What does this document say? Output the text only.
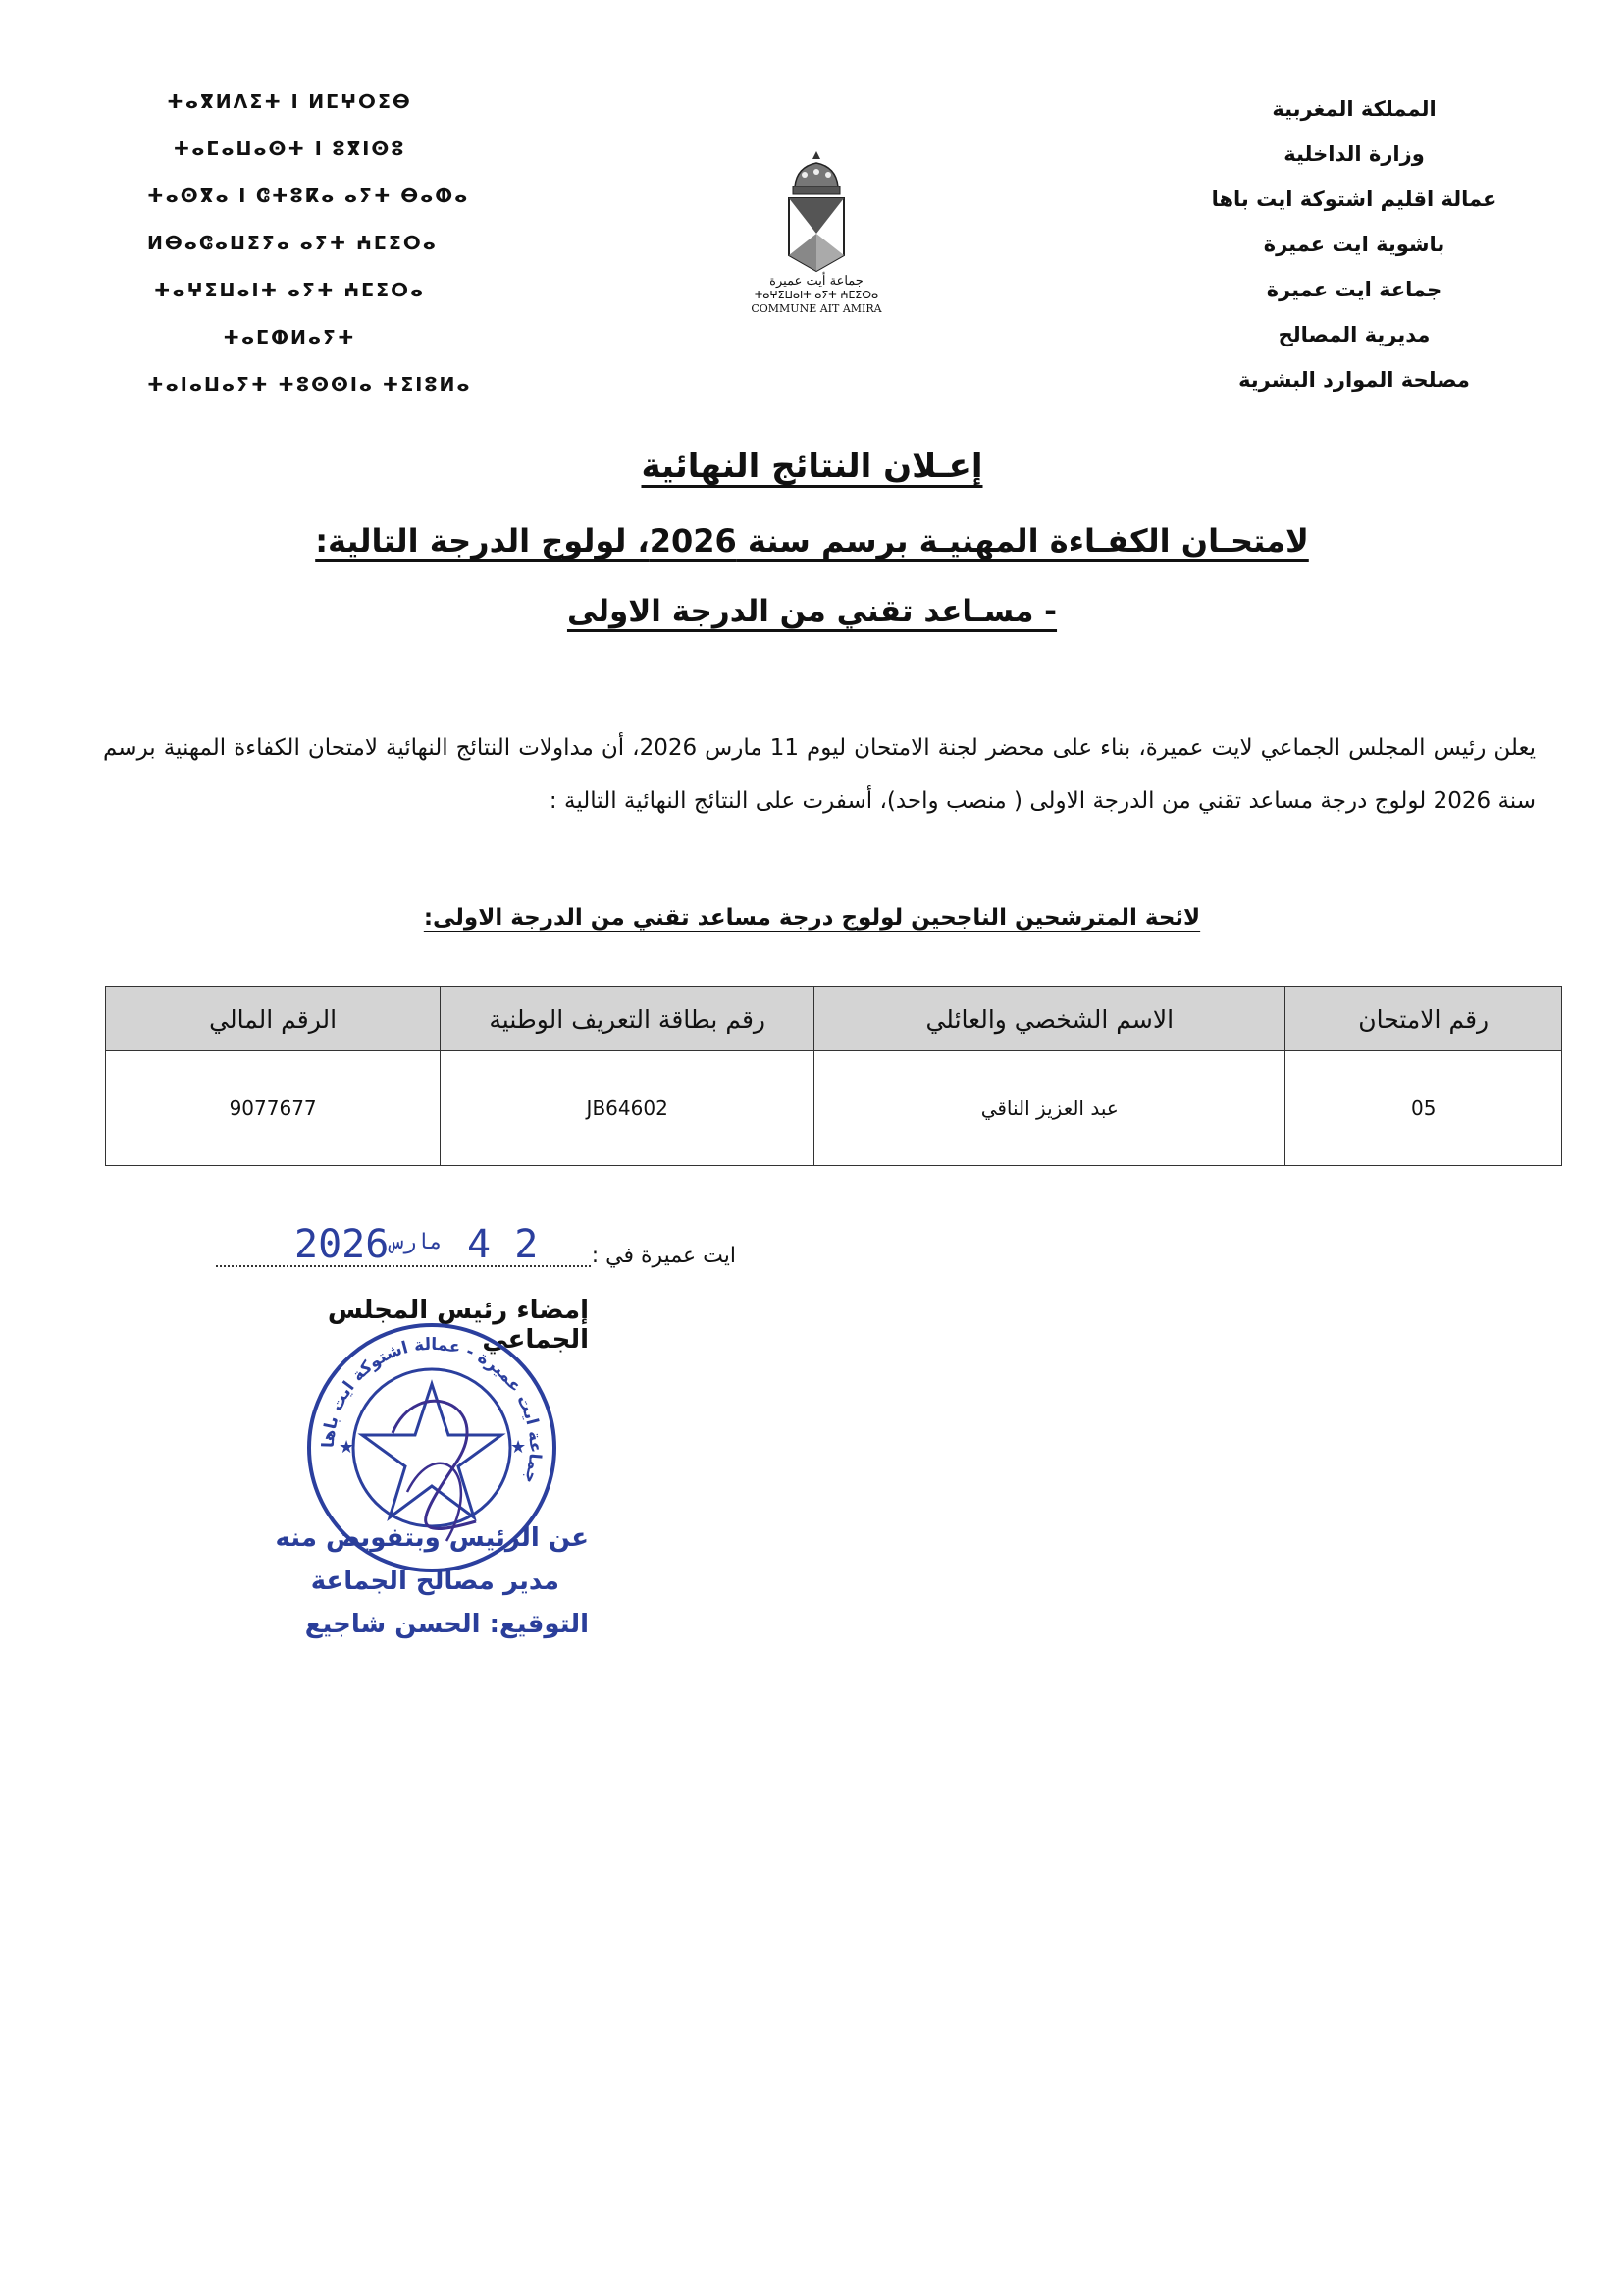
المملكة المغربية

وزارة الداخلية

عمالة اقليم اشتوكة ايت باها

باشوية ايت عميرة

جماعة ايت عميرة

مديرية المصالح

مصلحة الموارد البشرية

ⵜⴰⴳⵍⴷⵉⵜ ⵏ ⵍⵎⵖⵔⵉⴱ

ⵜⴰⵎⴰⵡⴰⵙⵜ ⵏ ⵓⴳⵏⵙⵓ

ⵜⴰⵙⴳⴰ ⵏ ⵛⵜⵓⴽⴰ ⴰⵢⵜ ⴱⴰⵀⴰ

ⵍⴱⴰⵛⴰⵡⵉⵢⴰ ⴰⵢⵜ ⵄⵎⵉⵔⴰ

ⵜⴰⵖⵉⵡⴰⵏⵜ ⴰⵢⵜ ⵄⵎⵉⵔⴰ

ⵜⴰⵎⵀⵍⴰⵢⵜ

ⵜⴰⵏⴰⵡⴰⵢⵜ ⵜⵓⵙⵙⵏⴰ ⵜⵉⵏⵓⵍⴰ

جماعة أيت عميرة

ⵜⴰⵖⵉⵡⴰⵏⵜ ⴰⵢⵜ ⵄⵎⵉⵔⴰ

COMMUNE AIT AMIRA

إعـلان النتائج النهائية
لامتحـان الكفـاءة المهنيـة برسم سنة 2026، لولوج الدرجة التالية:
- مسـاعد تقني من الدرجة الاولى

يعلن رئيس المجلس الجماعي لايت عميرة، بناء على محضر لجنة الامتحان ليوم 11 مارس 2026، أن مداولات النتائج النهائية لامتحان الكفاءة المهنية برسم سنة 2026 لولوج درجة مساعد تقني من الدرجة الاولى ( منصب واحد)، أسفرت على النتائج النهائية التالية :

لائحة المترشحين الناجحين لولوج درجة مساعد تقني من الدرجة الاولى:
رقم الامتحان	الاسم الشخصي والعائلي	رقم بطاقة التعريف الوطنية	الرقم المالي
05	عبد العزيز الناقي	JB64602	9077677
ايت عميرة في :
2 4
مارس
2026
إمضاء رئيس المجلس الجماعي
جماعة ايت عميرة - عمالة اشتوكة ايت باها
★	★
عن الرئيس وبتفويض منه
مدير مصالح الجماعة
التوقيع: الحسن شاجيع
